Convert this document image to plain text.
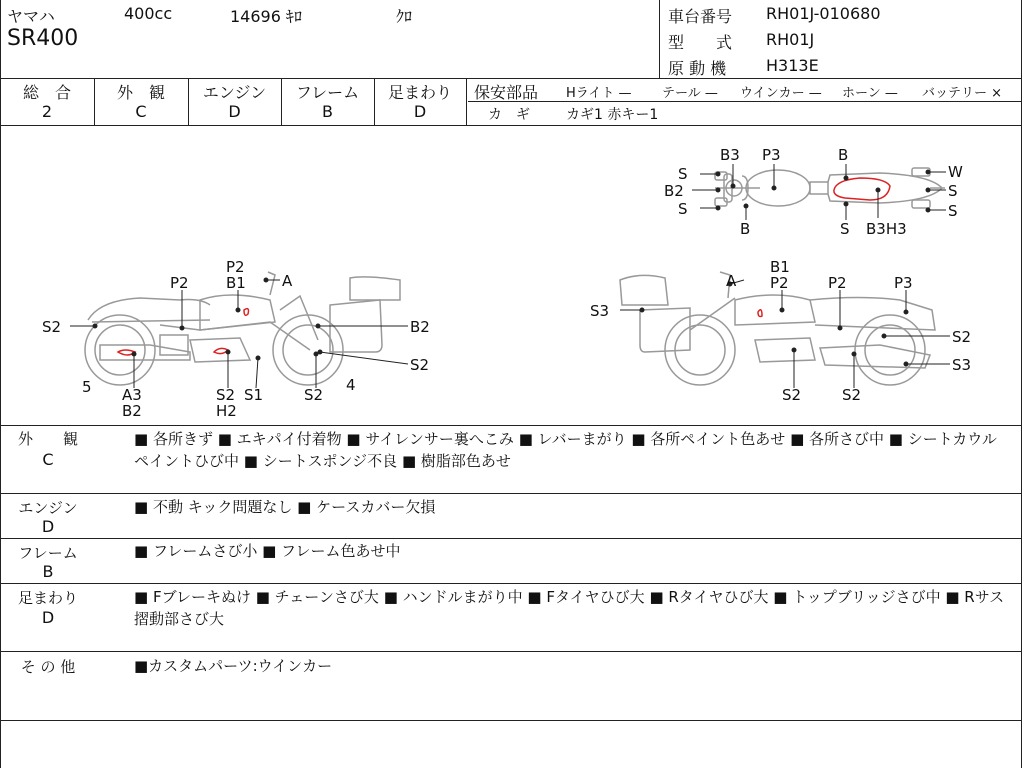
ヤマハ	400cc	14696 ｷﾛ	ｸﾛ
SR400
車台番号 RH01J-010680
型　　式 RH01J
原 動 機 H313E
総　合
2
外　観
C
エンジン
D
フレーム
B
足まわり
D
保安部品 Hライト — テール — ウインカー — ホーン — バッテリー ×
カ　ギ	カギ1 赤キー1
B3 P3	B
S	W
B2	S
S	S
B	S B3H3
P2 B1
P2
A
S2	B2
S2
5 A3
B2
S2
H2
S1	S2
4
B1
A P2	P2	P3
S3
S2
S3
S2	S2
外　　観
C
■ 各所きず ■ エキパイ付着物 ■ サイレンサー裏へこみ ■ レバーまがり ■ 各所ペイント色あせ ■ 各所さび中 ■ シートカウルペイントひび中 ■ シートスポンジ不良 ■ 樹脂部色あせ
エンジン
D
■ 不動 キック問題なし ■ ケースカバー欠損
フレーム
B
■ フレームさび小 ■ フレーム色あせ中
足まわり
D
■ Fブレーキぬけ ■ チェーンさび大 ■ ハンドルまがり中 ■ Fタイヤひび大 ■ Rタイヤひび大 ■ トップブリッジさび中 ■ Rサス摺動部さび大
そ の 他	■カスタムパーツ:ウインカー
